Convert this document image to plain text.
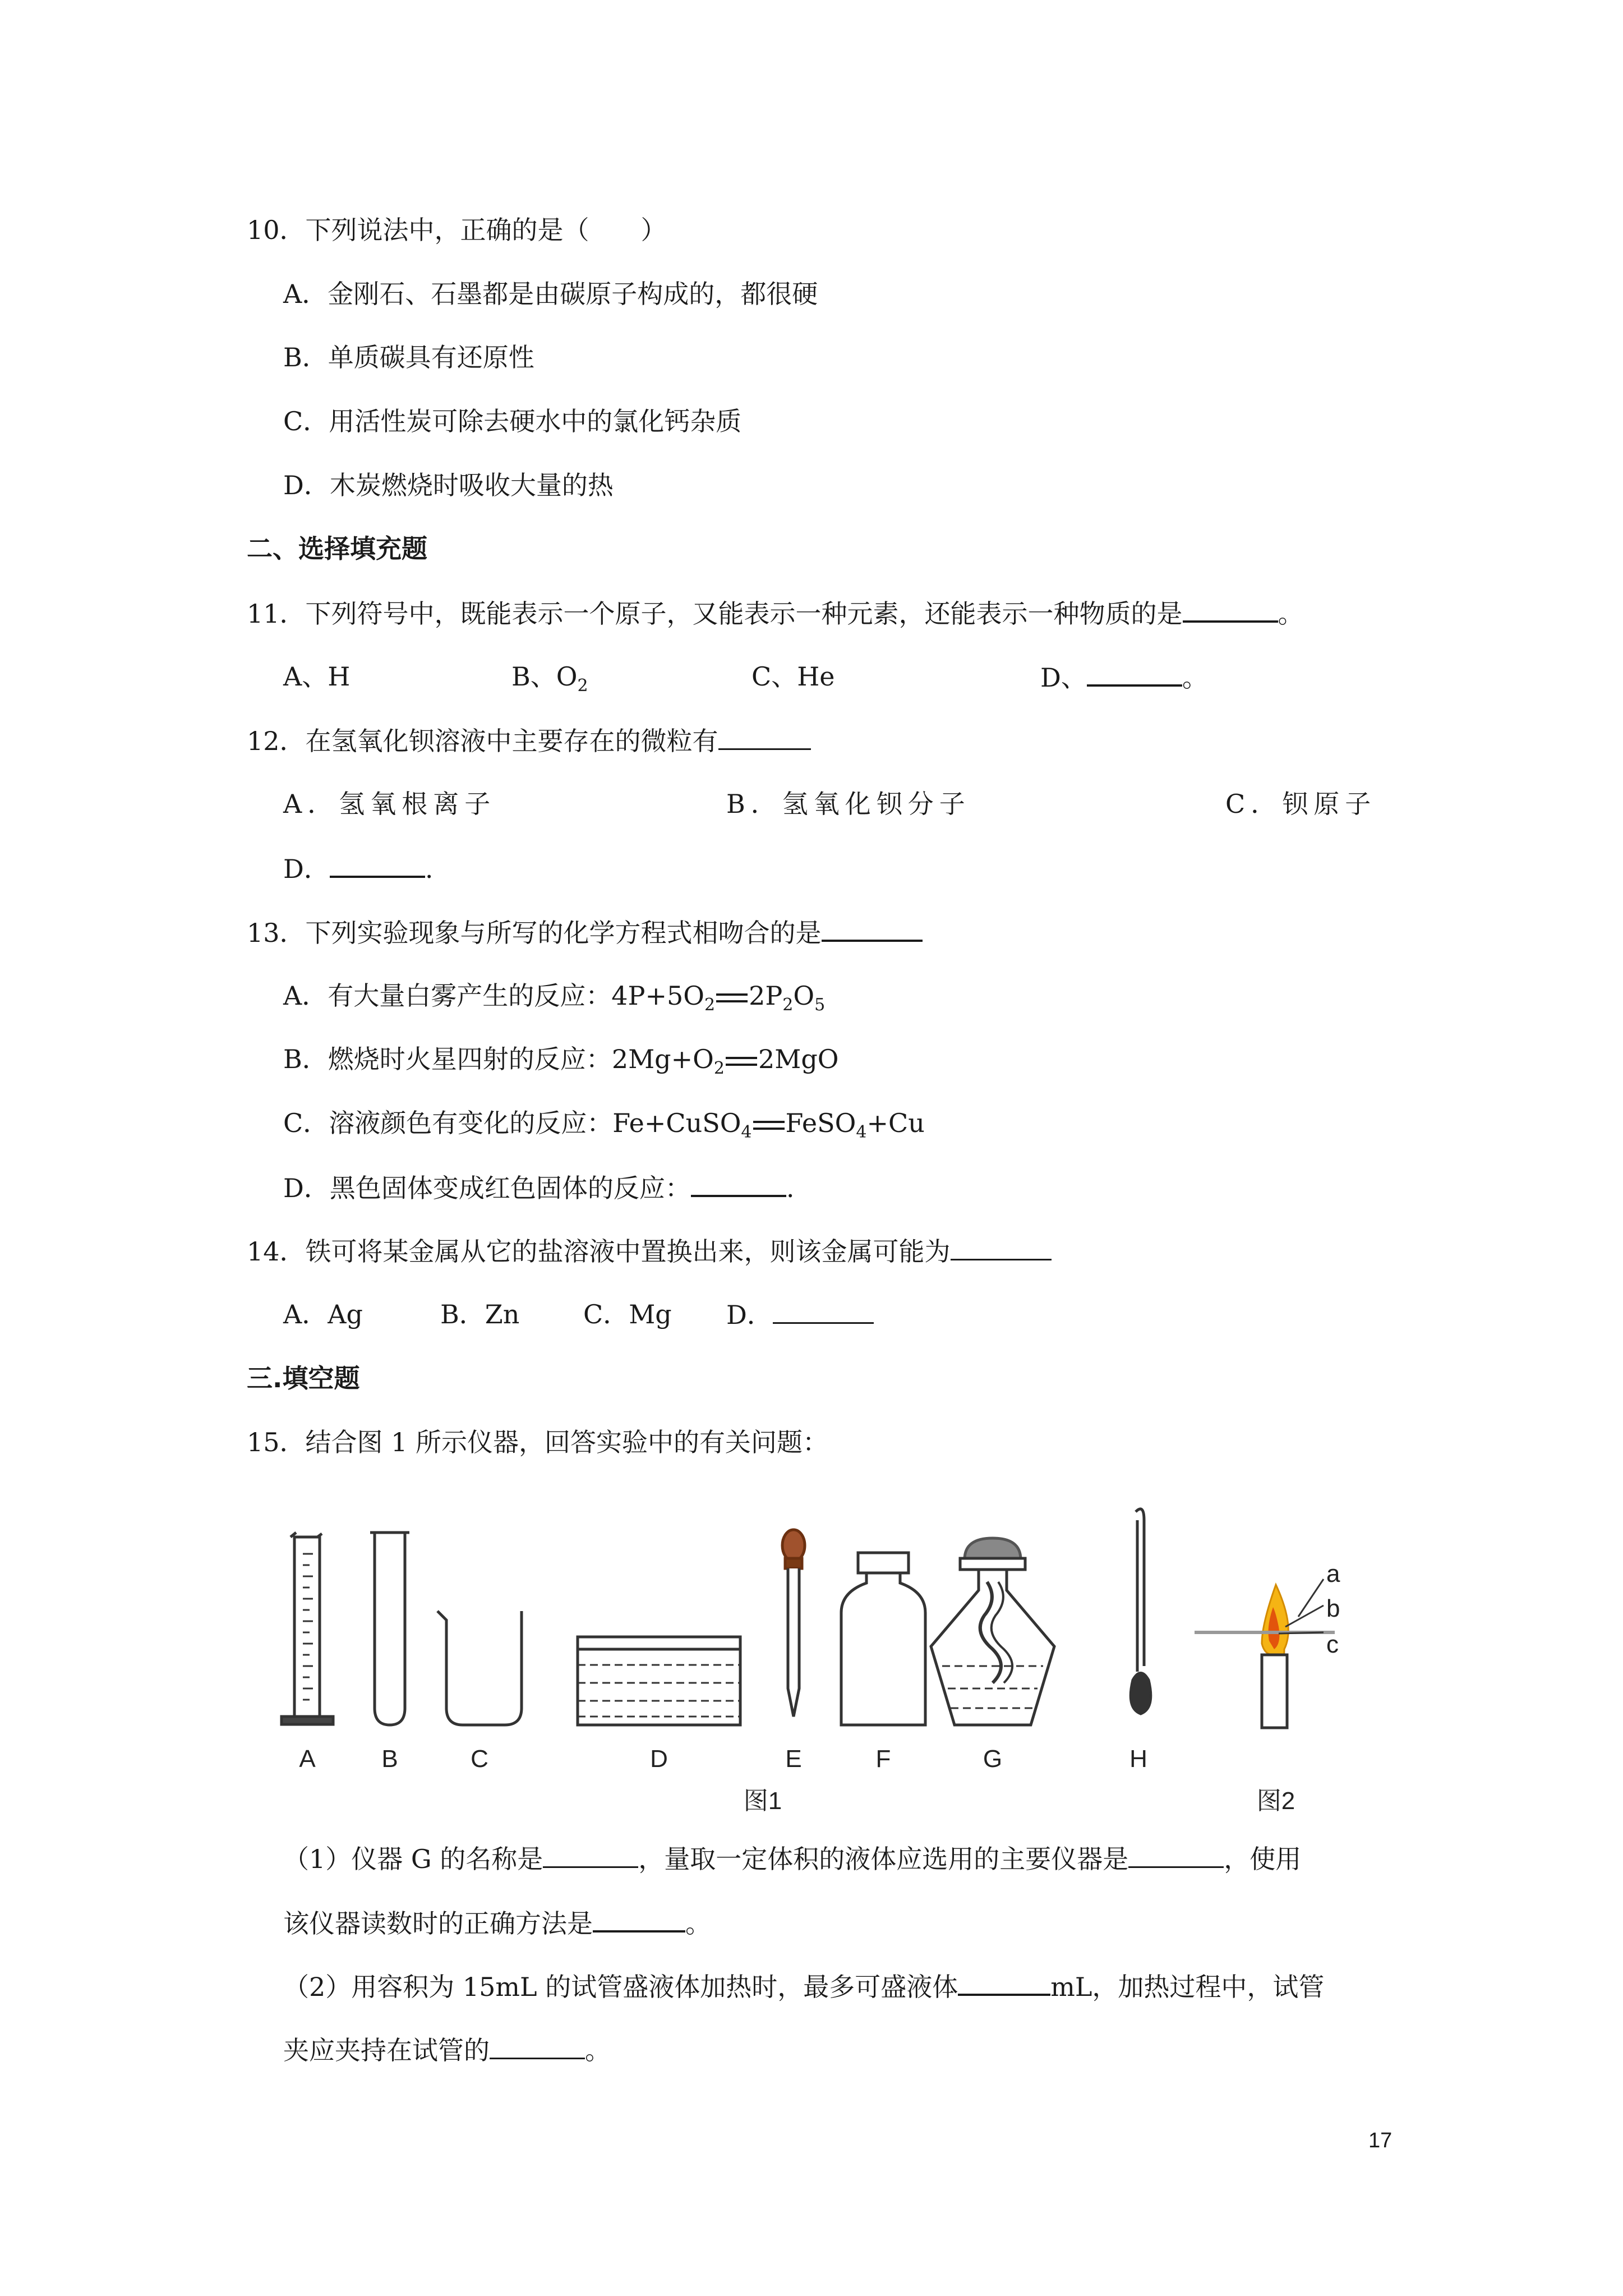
10．下列说法中，正确的是（　　）
A．金刚石、石墨都是由碳原子构成的，都很硬
B．单质碳具有还原性
C．用活性炭可除去硬水中的氯化钙杂质
D．木炭燃烧时吸收大量的热
二、选择填充题
11．下列符号中，既能表示一个原子，又能表示一种元素，还能表示一种物质的是	。
A、H	B、$O_2$	C、He	D、	。
12．在氢氧化钡溶液中主要存在的微粒有
A．氢氧根离子	B．氢氧化钡分子	C．钡原子
D．	.
13．下列实验现象与所写的化学方程式相吻合的是
A．有大量白雾产生的反应：$4P+5O_2$ $2P_2O_5$
B．燃烧时火星四射的反应：$2Mg+O_2$ 2MgO
C．溶液颜色有变化的反应：Fe+CuSO$_4$ FeSO$_4$+Cu
D．黑色固体变成红色固体的反应：	.
14．铁可将某金属从它的盐溶液中置换出来，则该金属可能为
A．Ag	B．Zn C．Mg D．
三.填空题
15．结合图 1 所示仪器，回答实验中的有关问题：
A	B	C	D	E	F	G	H
图1	图2
a
b
c
（1）仪器 G 的名称是	，量取一定体积的液体应选用的主要仪器是	，使用
该仪器读数时的正确方法是	。
（2）用容积为 15mL 的试管盛液体加热时，最多可盛液体	mL，加热过程中，试管
夹应夹持在试管的	。
17
